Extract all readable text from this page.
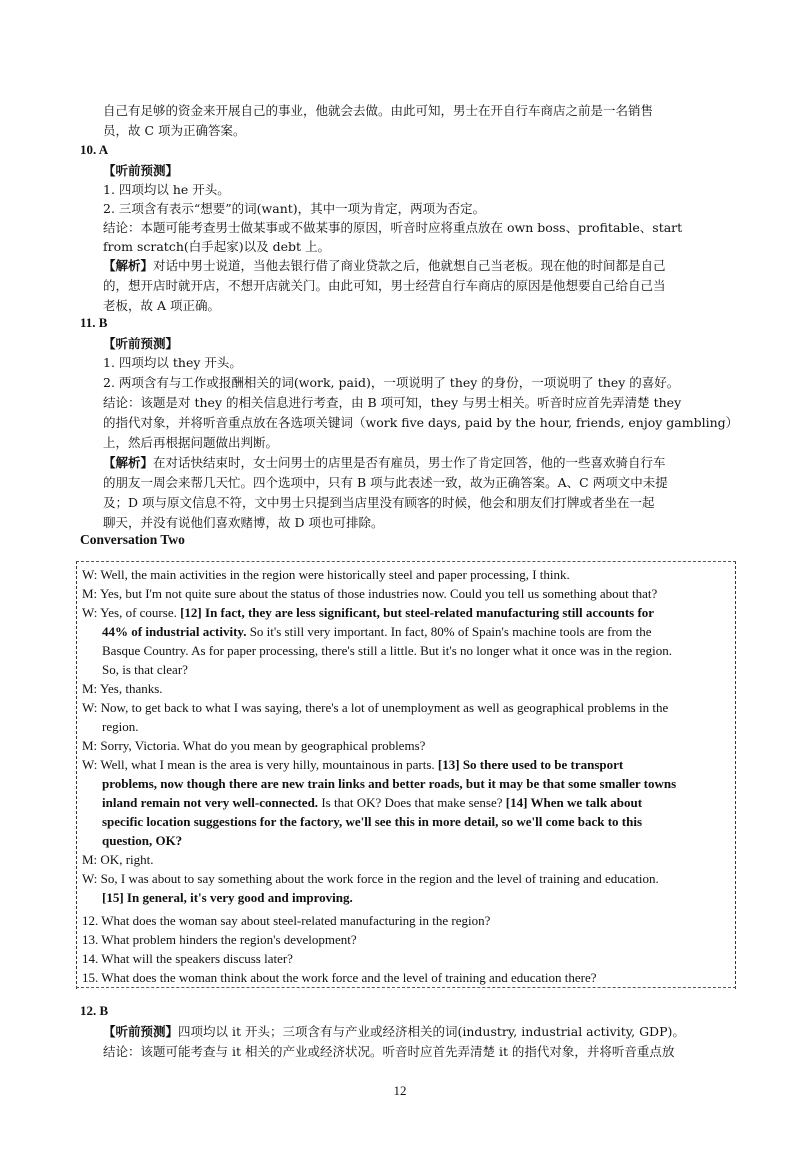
自己有足够的资金来开展自己的事业，他就会去做。由此可知，男士在开自行车商店之前是一名销售

员，故 C 项为正确答案。

10. A

【听前预测】

1. 四项均以 he 开头。

2. 三项含有表示“想要”的词(want)，其中一项为肯定，两项为否定。

结论：本题可能考查男士做某事或不做某事的原因，听音时应将重点放在 own boss、profitable、start

from scratch(白手起家)以及 debt 上。

【解析】对话中男士说道，当他去银行借了商业贷款之后，他就想自己当老板。现在他的时间都是自己

的，想开店时就开店，不想开店就关门。由此可知，男士经营自行车商店的原因是他想要自己给自己当

老板，故 A 项正确。

11. B

【听前预测】

1. 四项均以 they 开头。

2. 两项含有与工作或报酬相关的词(work, paid)，一项说明了 they 的身份，一项说明了 they 的喜好。

结论：该题是对 they 的相关信息进行考查，由 B 项可知，they 与男士相关。听音时应首先弄清楚 they

的指代对象，并将听音重点放在各选项关键词（work five days, paid by the hour, friends, enjoy gambling）

上，然后再根据问题做出判断。

【解析】在对话快结束时，女士问男士的店里是否有雇员，男士作了肯定回答，他的一些喜欢骑自行车

的朋友一周会来帮几天忙。四个选项中，只有 B 项与此表述一致，故为正确答案。A、C 两项文中未提

及；D 项与原文信息不符，文中男士只提到当店里没有顾客的时候，他会和朋友们打牌或者坐在一起

聊天，并没有说他们喜欢赌博，故 D 项也可排除。

Conversation Two
W: Well, the main activities in the region were historically steel and paper processing, I think.
M: Yes, but I'm not quite sure about the status of those industries now. Could you tell us something about that?
W: Yes, of course. [12] In fact, they are less significant, but steel-related manufacturing still accounts for
44% of industrial activity. So it's still very important. In fact, 80% of Spain's machine tools are from the
Basque Country. As for paper processing, there's still a little. But it's no longer what it once was in the region.
So, is that clear?
M: Yes, thanks.
W: Now, to get back to what I was saying, there's a lot of unemployment as well as geographical problems in the
region.
M: Sorry, Victoria. What do you mean by geographical problems?
W: Well, what I mean is the area is very hilly, mountainous in parts. [13] So there used to be transport
problems, now though there are new train links and better roads, but it may be that some smaller towns
inland remain not very well-connected. Is that OK? Does that make sense? [14] When we talk about
specific location suggestions for the factory, we'll see this in more detail, so we'll come back to this
question, OK?
M: OK, right.
W: So, I was about to say something about the work force in the region and the level of training and education.
[15] In general, it's very good and improving.
12. What does the woman say about steel-related manufacturing in the region?
13. What problem hinders the region's development?
14. What will the speakers discuss later?
15. What does the woman think about the work force and the level of training and education there?
12. B

【听前预测】四项均以 it 开头；三项含有与产业或经济相关的词(industry, industrial activity, GDP)。

结论：该题可能考查与 it 相关的产业或经济状况。听音时应首先弄清楚 it 的指代对象，并将听音重点放

12
